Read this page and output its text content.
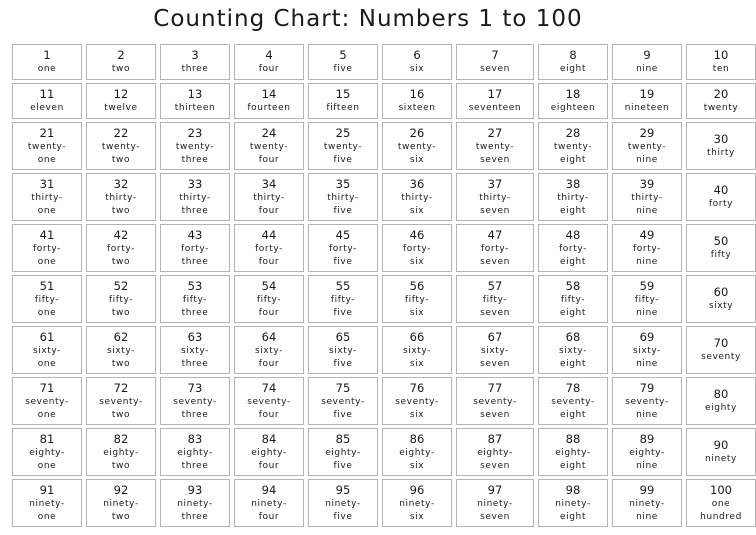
Counting Chart: Numbers 1 to 100
1
one
2
two
3
three
4
four
5
five
6
six
7
seven
8
eight
9
nine
10
ten
11
eleven
12
twelve
13
thirteen
14
fourteen
15
fifteen
16
sixteen
17
seventeen
18
eighteen
19
nineteen
20
twenty
21
twenty-
one
22
twenty-
two
23
twenty-
three
24
twenty-
four
25
twenty-
five
26
twenty-
six
27
twenty-
seven
28
twenty-
eight
29
twenty-
nine
30
thirty
31
thirty-
one
32
thirty-
two
33
thirty-
three
34
thirty-
four
35
thirty-
five
36
thirty-
six
37
thirty-
seven
38
thirty-
eight
39
thirty-
nine
40
forty
41
forty-
one
42
forty-
two
43
forty-
three
44
forty-
four
45
forty-
five
46
forty-
six
47
forty-
seven
48
forty-
eight
49
forty-
nine
50
fifty
51
fifty-
one
52
fifty-
two
53
fifty-
three
54
fifty-
four
55
fifty-
five
56
fifty-
six
57
fifty-
seven
58
fifty-
eight
59
fifty-
nine
60
sixty
61
sixty-
one
62
sixty-
two
63
sixty-
three
64
sixty-
four
65
sixty-
five
66
sixty-
six
67
sixty-
seven
68
sixty-
eight
69
sixty-
nine
70
seventy
71
seventy-
one
72
seventy-
two
73
seventy-
three
74
seventy-
four
75
seventy-
five
76
seventy-
six
77
seventy-
seven
78
seventy-
eight
79
seventy-
nine
80
eighty
81
eighty-
one
82
eighty-
two
83
eighty-
three
84
eighty-
four
85
eighty-
five
86
eighty-
six
87
eighty-
seven
88
eighty-
eight
89
eighty-
nine
90
ninety
91
ninety-
one
92
ninety-
two
93
ninety-
three
94
ninety-
four
95
ninety-
five
96
ninety-
six
97
ninety-
seven
98
ninety-
eight
99
ninety-
nine
100
one
hundred
